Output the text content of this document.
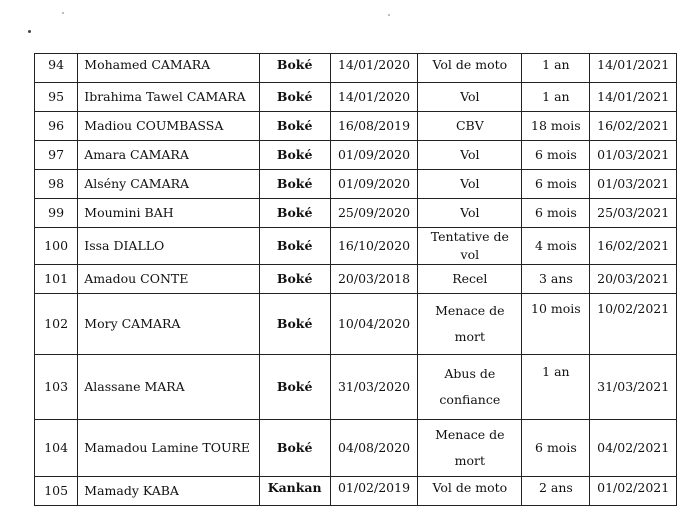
94	Mohamed CAMARA	Boké	14/01/2020	Vol de moto	1 an	14/01/2021
95	Ibrahima Tawel CAMARA	Boké	14/01/2020	Vol	1 an	14/01/2021
96	Madiou COUMBASSA	Boké	16/08/2019	CBV	18 mois	16/02/2021
97	Amara CAMARA	Boké	01/09/2020	Vol	6 mois	01/03/2021
98	Alsény CAMARA	Boké	01/09/2020	Vol	6 mois	01/03/2021
99	Moumini BAH	Boké	25/09/2020	Vol	6 mois	25/03/2021
100	Issa DIALLO	Boké	16/10/2020	Tentative de vol	4 mois	16/02/2021
101	Amadou CONTE	Boké	20/03/2018	Recel	3 ans	20/03/2021
102	Mory CAMARA	Boké	10/04/2020	Menace de
mort	10 mois	10/02/2021
103	Alassane MARA	Boké	31/03/2020	Abus de
confiance	1 an	31/03/2021
104	Mamadou Lamine TOURE	Boké	04/08/2020	Menace de
mort	6 mois	04/02/2021
105	Mamady KABA	Kankan	01/02/2019	Vol de moto	2 ans	01/02/2021
